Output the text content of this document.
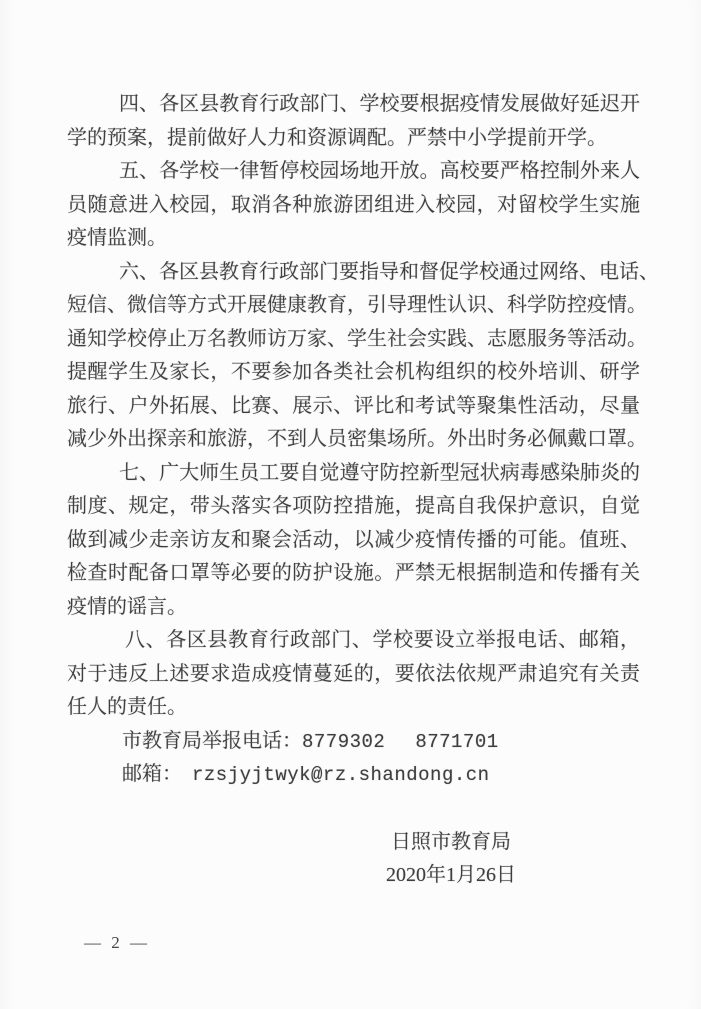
四、各区县教育行政部门、学校要根据疫情发展做好延迟开
学的预案，提前做好人力和资源调配。严禁中小学提前开学。
五、各学校一律暂停校园场地开放。高校要严格控制外来人
员随意进入校园，取消各种旅游团组进入校园，对留校学生实施
疫情监测。
六、各区县教育行政部门要指导和督促学校通过网络、电话、
短信、微信等方式开展健康教育，引导理性认识、科学防控疫情。
通知学校停止万名教师访万家、学生社会实践、志愿服务等活动。
提醒学生及家长，不要参加各类社会机构组织的校外培训、研学
旅行、户外拓展、比赛、展示、评比和考试等聚集性活动，尽量
减少外出探亲和旅游，不到人员密集场所。外出时务必佩戴口罩。
七、广大师生员工要自觉遵守防控新型冠状病毒感染肺炎的
制度、规定，带头落实各项防控措施，提高自我保护意识，自觉
做到减少走亲访友和聚会活动，以减少疫情传播的可能。值班、
检查时配备口罩等必要的防护设施。严禁无根据制造和传播有关
疫情的谣言。
八、各区县教育行政部门、学校要设立举报电话、邮箱，
对于违反上述要求造成疫情蔓延的，要依法依规严肃追究有关责
任人的责任。
市教育局举报电话：8779302 8771701
邮箱： rzsjyjtwyk@rz.shandong.cn
日照市教育局
2020年1月26日
— 2 —
